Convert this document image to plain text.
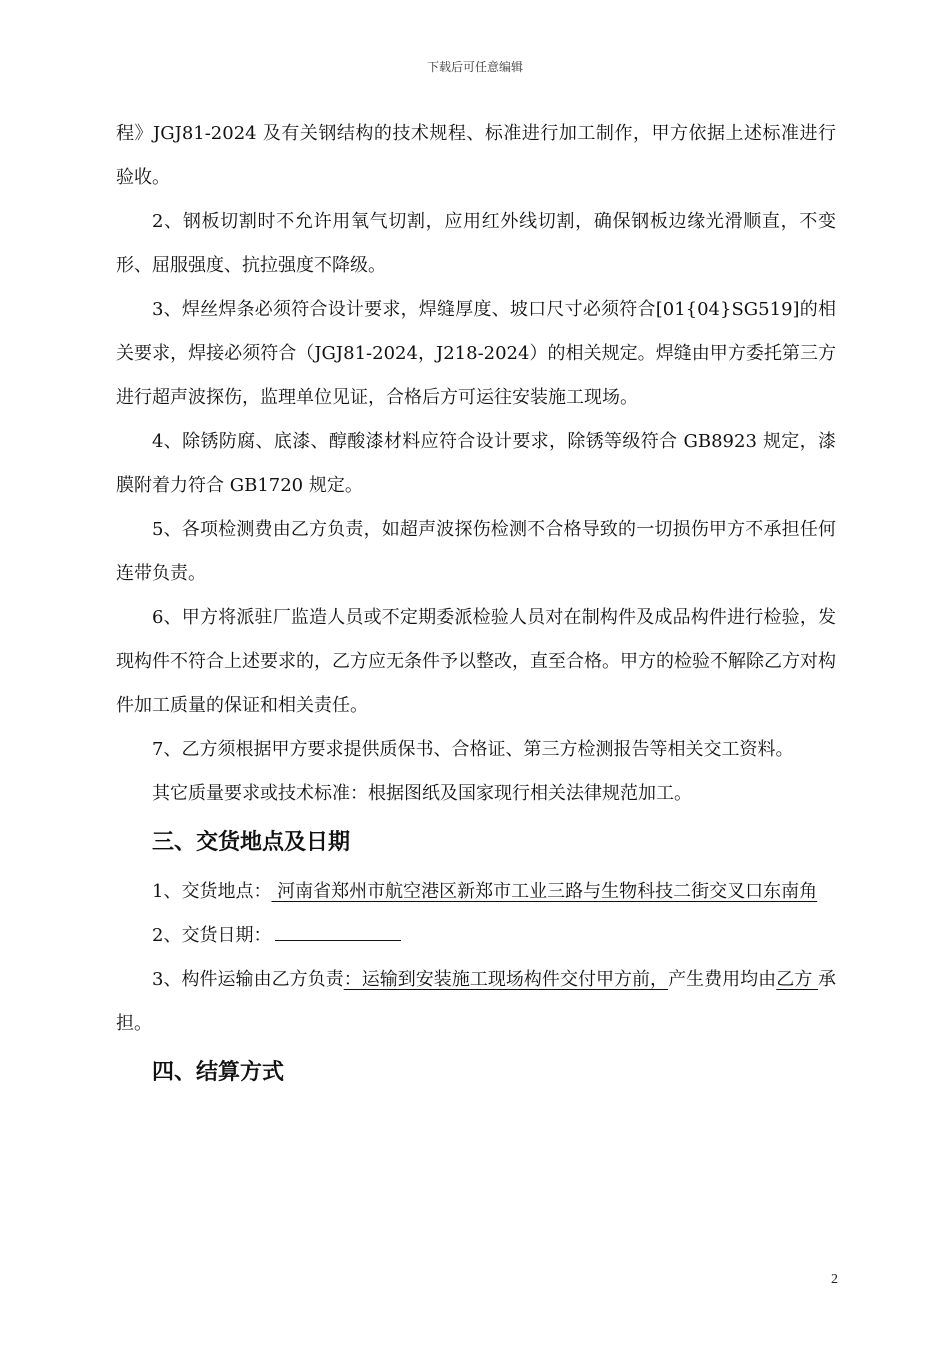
下载后可任意编辑

程》JGJ81-2024 及有关钢结构的技术规程、标准进行加工制作，甲方依据上述标准进行验收。

2、钢板切割时不允许用氧气切割，应用红外线切割，确保钢板边缘光滑顺直，不变形、屈服强度、抗拉强度不降级。

3、焊丝焊条必须符合设计要求，焊缝厚度、坡口尺寸必须符合[01{04}SG519]的相关要求，焊接必须符合（JGJ81-2024，J218-2024）的相关规定。焊缝由甲方委托第三方进行超声波探伤，监理单位见证，合格后方可运往安装施工现场。

4、除锈防腐、底漆、醇酸漆材料应符合设计要求，除锈等级符合 GB8923 规定，漆膜附着力符合 GB1720 规定。

5、各项检测费由乙方负责，如超声波探伤检测不合格导致的一切损伤甲方不承担任何连带负责。

6、甲方将派驻厂监造人员或不定期委派检验人员对在制构件及成品构件进行检验，发现构件不符合上述要求的，乙方应无条件予以整改，直至合格。甲方的检验不解除乙方对构件加工质量的保证和相关责任。

7、乙方须根据甲方要求提供质保书、合格证、第三方检测报告等相关交工资料。

其它质量要求或技术标准：根据图纸及国家现行相关法律规范加工。

三、交货地点及日期

1、交货地点： 河南省郑州市航空港区新郑市工业三路与生物科技二街交叉口东南角

2、交货日期：

3、构件运输由乙方负责：运输到安装施工现场构件交付甲方前，产生费用均由乙方 承担。

四、结算方式
2
